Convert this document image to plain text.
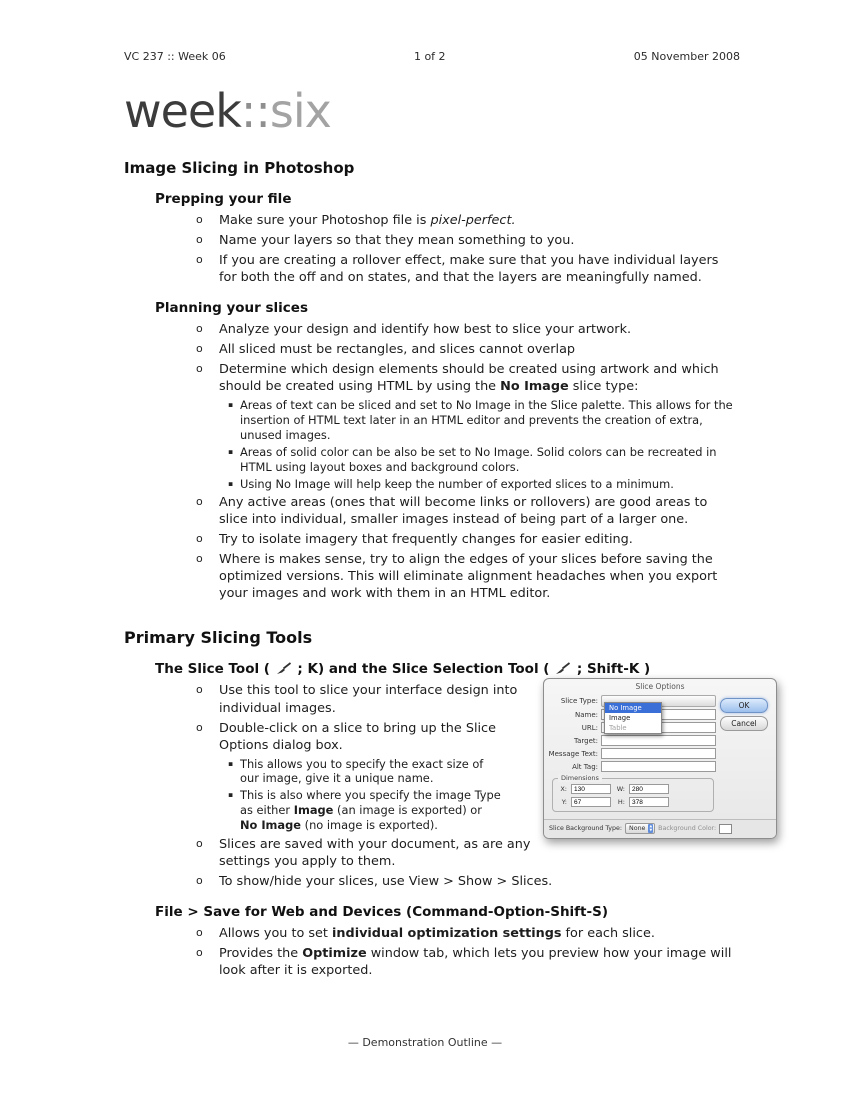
VC 237 :: Week 06	1 of 2	05 November 2008
week::six
Image Slicing in Photoshop
Prepping your file
o	Make sure your Photoshop file is pixel-perfect.
o	Name your layers so that they mean something to you.
o	If you are creating a rollover effect, make sure that you have individual layers for both the off and on states, and that the layers are meaningfully named.
Planning your slices
o	Analyze your design and identify how best to slice your artwork.
o	All sliced must be rectangles, and slices cannot overlap
o	Determine which design elements should be created using artwork and which should be created using HTML by using the No Image slice type:
▪ Areas of text can be sliced and set to No Image in the Slice palette. This allows for the insertion of HTML text later in an HTML editor and prevents the creation of extra, unused images.
▪ Areas of solid color can be also be set to No Image. Solid colors can be recreated in HTML using layout boxes and background colors.
▪ Using No Image will help keep the number of exported slices to a minimum.
o	Any active areas (ones that will become links or rollovers) are good areas to slice into individual, smaller images instead of being part of a larger one.
o	Try to isolate imagery that frequently changes for easier editing.
o	Where is makes sense, try to align the edges of your slices before saving the optimized versions. This will eliminate alignment headaches when you export your images and work with them in an HTML editor.
Primary Slicing Tools
The Slice Tool (  ; K) and the Slice Selection Tool (  ; Shift-K )
Slice Options
Slice Type:
Name:
Slices_06
URL:
Target:
Message Text:
Alt Tag:
Dimensions
X:
130	W:
280
Y:
67	H:
378
No Image
Image
Table
OK
Cancel
Slice Background Type: None ▲
▼ Background Color:
o	Use this tool to slice your interface design into individual images.
o	Double-click on a slice to bring up the Slice Options dialog box.
▪ This allows you to specify the exact size of our image, give it a unique name.
▪ This is also where you specify the image Type as either Image (an image is exported) or No Image (no image is exported).
o	Slices are saved with your document, as are any settings you apply to them.
o	To show/hide your slices, use View > Show > Slices.
File > Save for Web and Devices (Command-Option-Shift-S)
o	Allows you to set individual optimization settings for each slice.
o	Provides the Optimize window tab, which lets you preview how your image will look after it is exported.
— Demonstration Outline —
